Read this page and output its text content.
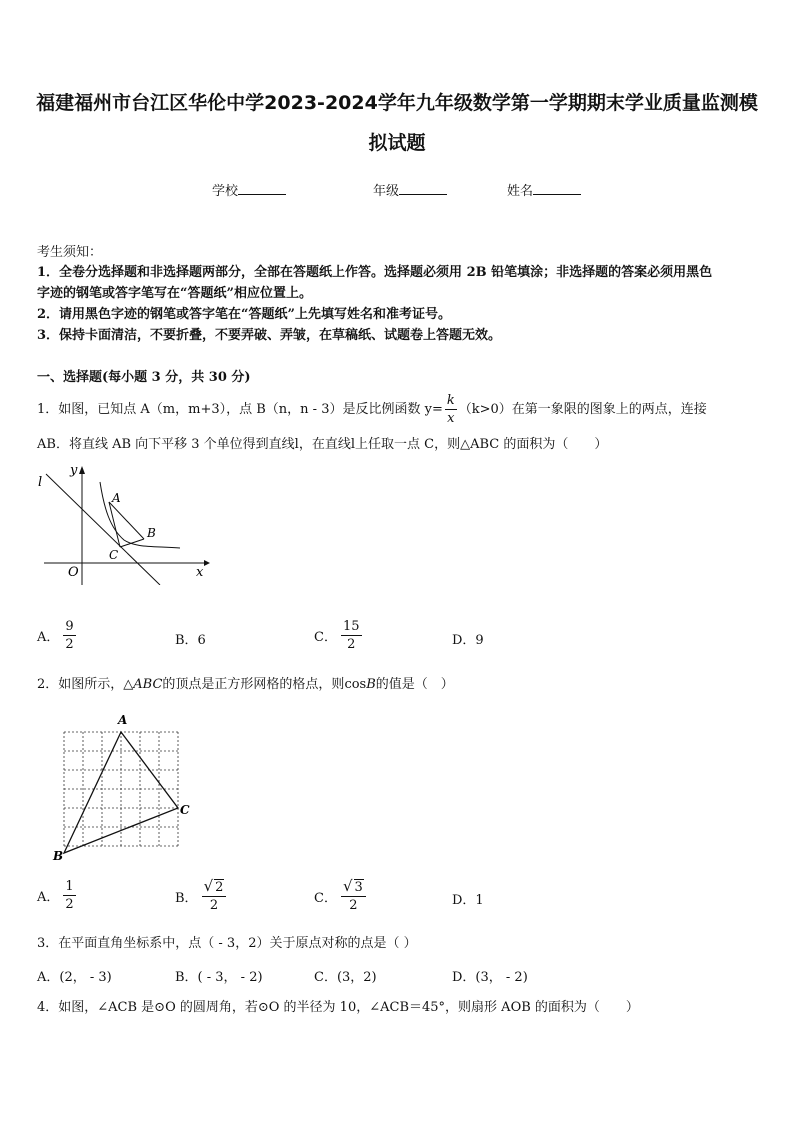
福建福州市台江区华伦中学2023-2024学年九年级数学第一学期期末学业质量监测模
拟试题
学校	年级	姓名
考生须知：
1．全卷分选择题和非选择题两部分，全部在答题纸上作答。选择题必须用 2B 铅笔填涂；非选择题的答案必须用黑色
字迹的钢笔或答字笔写在“答题纸”相应位置上。
2．请用黑色字迹的钢笔或答字笔在“答题纸”上先填写姓名和准考证号。
3．保持卡面清洁，不要折叠，不要弄破、弄皱，在草稿纸、试题卷上答题无效。
一、选择题(每小题 3 分，共 30 分)
1．如图，已知点 A（m，m+3），点 B（n，n - 3）是反比例函数 $y= \frac{k}{x} (k>0)$在第一象限的图象上的两点，连接
AB．将直线 AB 向下平移 3 个单位得到直线l，在直线l上任取一点 C，则△ABC 的面积为（　　）
l
y
A
B
C
O	x
A． $\frac{9}{2}$	B．6	C． $\frac{15}{2}$	D．9
2．如图所示，△ABC的顶点是正方形网格的格点，则cosB的值是（　）
A
B
C
A． $\frac{1}{2}$	B． $\frac{√ 2}{2}$	C． $\frac{√ 3}{2}$	D．1
3．在平面直角坐标系中，点（ - 3，2）关于原点对称的点是（ ）
A．(2， - 3)	B．( - 3， - 2)	C．(3，2)	D．(3， - 2)
4．如图，∠ACB 是⊙O 的圆周角，若⊙O 的半径为 10，∠ACB＝45°，则扇形 AOB 的面积为（　　）
